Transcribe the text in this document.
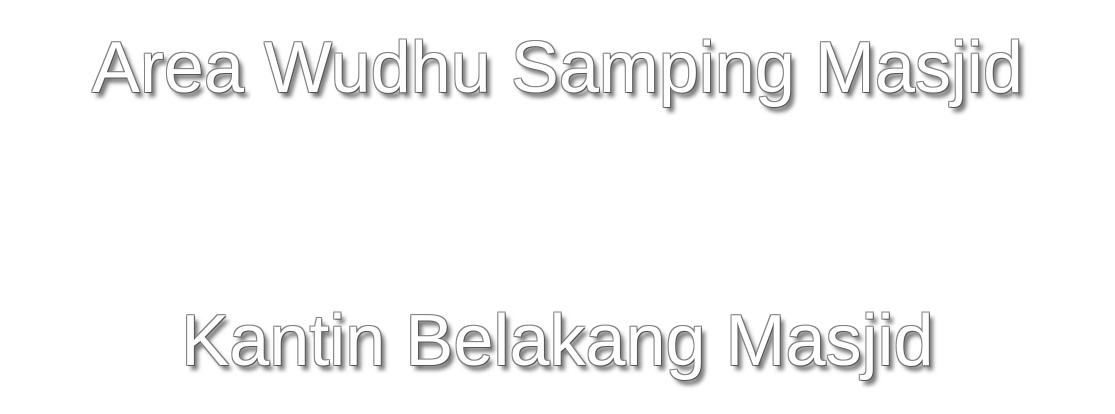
Area Wudhu Samping Masjid
Kantin Belakang Masjid
